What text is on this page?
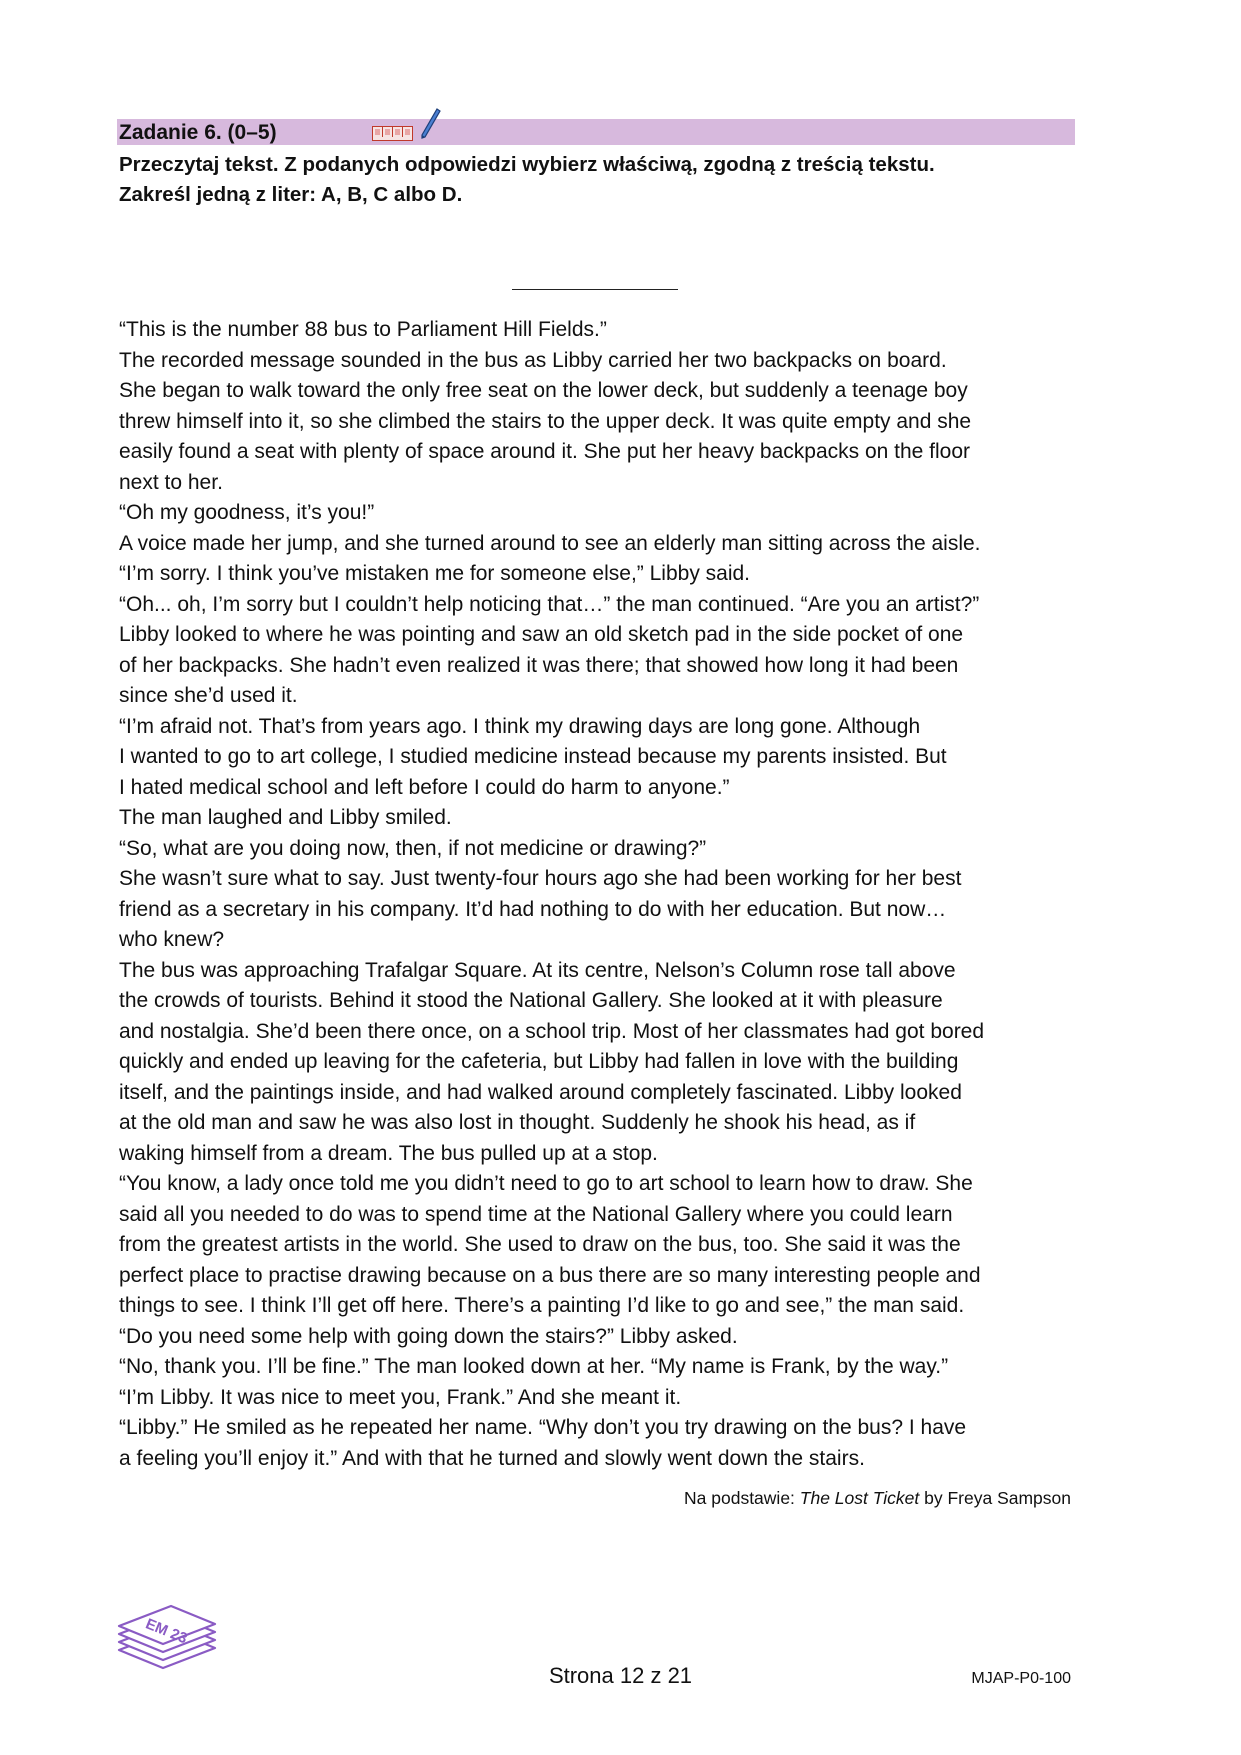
Zadanie 6. (0–5)

Przeczytaj tekst. Z podanych odpowiedzi wybierz właściwą, zgodną z treścią tekstu.

Zakreśl jedną z liter: A, B, C albo D.

“This is the number 88 bus to Parliament Hill Fields.”

The recorded message sounded in the bus as Libby carried her two backpacks on board.

She began to walk toward the only free seat on the lower deck, but suddenly a teenage boy

threw himself into it, so she climbed the stairs to the upper deck. It was quite empty and she

easily found a seat with plenty of space around it. She put her heavy backpacks on the floor

next to her.

“Oh my goodness, it’s you!”

A voice made her jump, and she turned around to see an elderly man sitting across the aisle.

“I’m sorry. I think you’ve mistaken me for someone else,” Libby said.

“Oh... oh, I’m sorry but I couldn’t help noticing that…” the man continued. “Are you an artist?”

Libby looked to where he was pointing and saw an old sketch pad in the side pocket of one

of her backpacks. She hadn’t even realized it was there; that showed how long it had been

since she’d used it.

“I’m afraid not. That’s from years ago. I think my drawing days are long gone. Although

I wanted to go to art college, I studied medicine instead because my parents insisted. But

I hated medical school and left before I could do harm to anyone.”

The man laughed and Libby smiled.

“So, what are you doing now, then, if not medicine or drawing?”

She wasn’t sure what to say. Just twenty-four hours ago she had been working for her best

friend as a secretary in his company. It’d had nothing to do with her education. But now…

who knew?

The bus was approaching Trafalgar Square. At its centre, Nelson’s Column rose tall above

the crowds of tourists. Behind it stood the National Gallery. She looked at it with pleasure

and nostalgia. She’d been there once, on a school trip. Most of her classmates had got bored

quickly and ended up leaving for the cafeteria, but Libby had fallen in love with the building

itself, and the paintings inside, and had walked around completely fascinated. Libby looked

at the old man and saw he was also lost in thought. Suddenly he shook his head, as if

waking himself from a dream. The bus pulled up at a stop.

“You know, a lady once told me you didn’t need to go to art school to learn how to draw. She

said all you needed to do was to spend time at the National Gallery where you could learn

from the greatest artists in the world. She used to draw on the bus, too. She said it was the

perfect place to practise drawing because on a bus there are so many interesting people and

things to see. I think I’ll get off here. There’s a painting I’d like to go and see,” the man said.

“Do you need some help with going down the stairs?” Libby asked.

“No, thank you. I’ll be fine.” The man looked down at her. “My name is Frank, by the way.”

“I’m Libby. It was nice to meet you, Frank.” And she meant it.

“Libby.” He smiled as he repeated her name. “Why don’t you try drawing on the bus? I have

a feeling you’ll enjoy it.” And with that he turned and slowly went down the stairs.

Na podstawie: The Lost Ticket by Freya Sampson
EM 23
Strona 12 z 21	MJAP-P0-100
